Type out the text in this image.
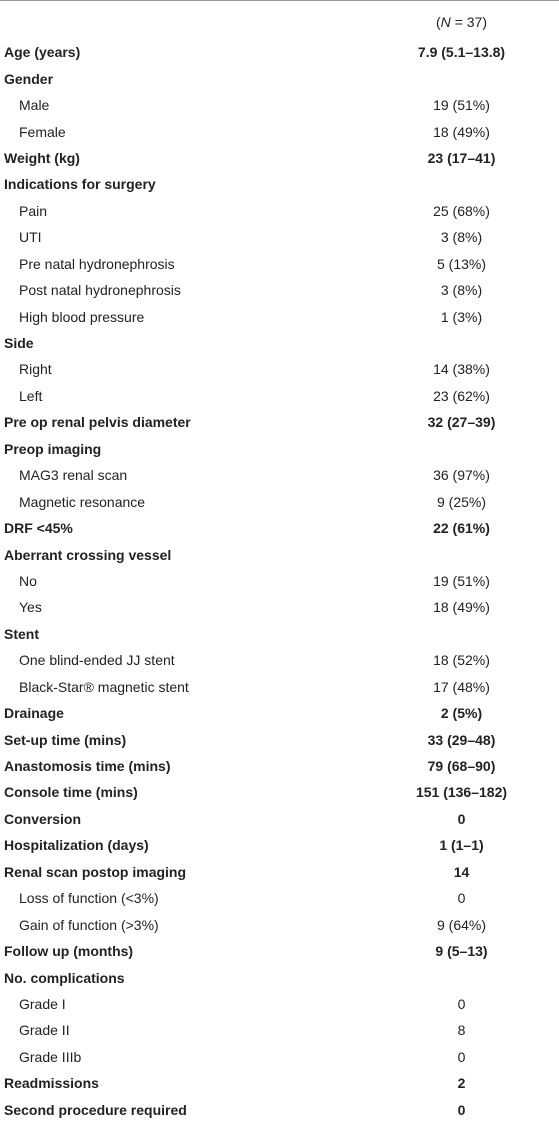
	(N = 37)
Age (years)	7.9 (5.1–13.8)
Gender	
Male	19 (51%)
Female	18 (49%)
Weight (kg)	23 (17–41)
Indications for surgery	
Pain	25 (68%)
UTI	3 (8%)
Pre natal hydronephrosis	5 (13%)
Post natal hydronephrosis	3 (8%)
High blood pressure	1 (3%)
Side	
Right	14 (38%)
Left	23 (62%)
Pre op renal pelvis diameter	32 (27–39)
Preop imaging	
MAG3 renal scan	36 (97%)
Magnetic resonance	9 (25%)
DRF <45%	22 (61%)
Aberrant crossing vessel	
No	19 (51%)
Yes	18 (49%)
Stent	
One blind-ended JJ stent	18 (52%)
Black-Star® magnetic stent	17 (48%)
Drainage	2 (5%)
Set-up time (mins)	33 (29–48)
Anastomosis time (mins)	79 (68–90)
Console time (mins)	151 (136–182)
Conversion	0
Hospitalization (days)	1 (1–1)
Renal scan postop imaging	14
Loss of function (<3%)	0
Gain of function (>3%)	9 (64%)
Follow up (months)	9 (5–13)
No. complications	
Grade I	0
Grade II	8
Grade IIIb	0
Readmissions	2
Second procedure required	0
